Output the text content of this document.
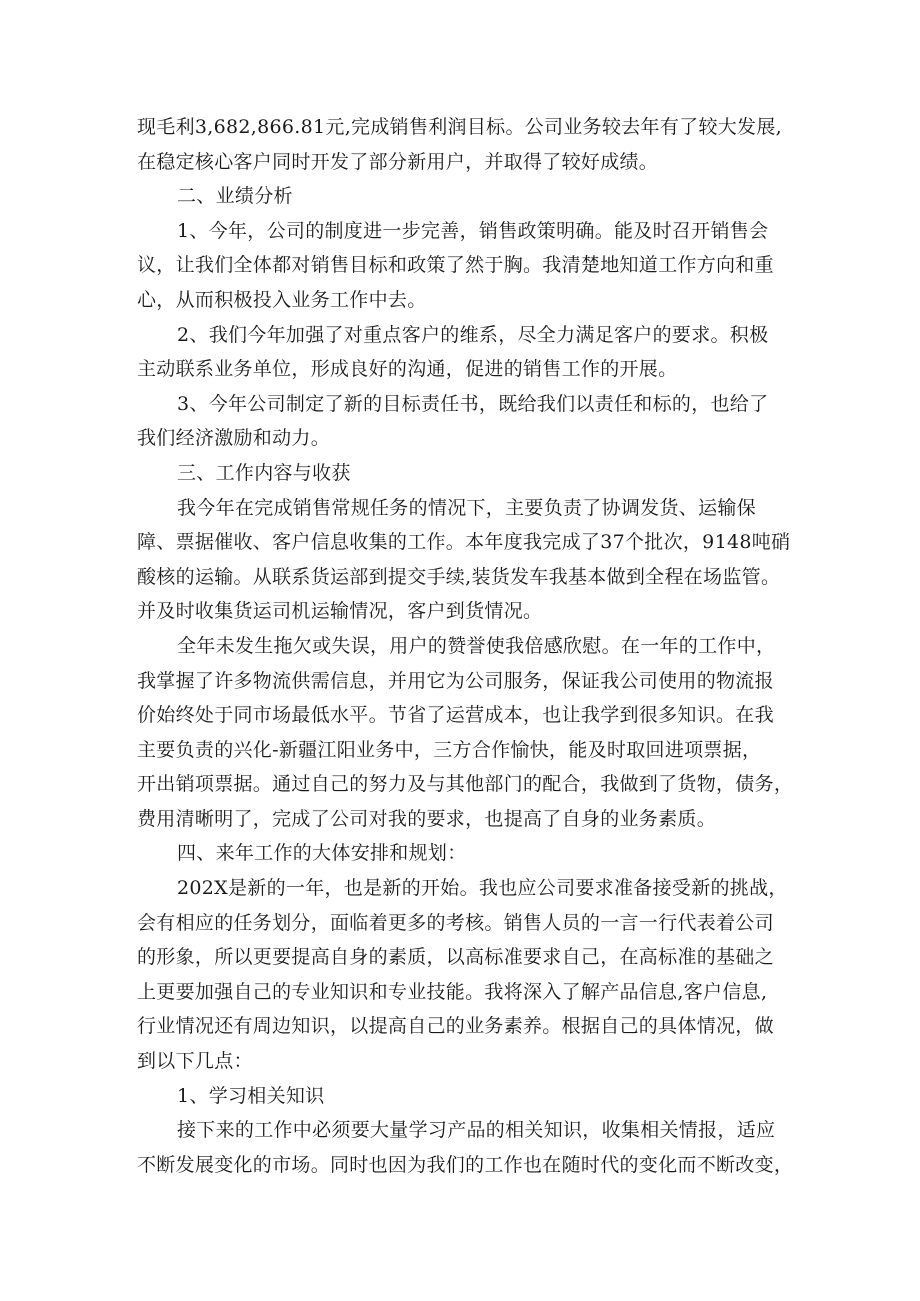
现毛利3,682,866.81元,完成销售利润目标。公司业务较去年有了较大发展,
在稳定核心客户同时开发了部分新用户，并取得了较好成绩。
二、业绩分析
1、今年，公司的制度进一步完善，销售政策明确。能及时召开销售会
议，让我们全体都对销售目标和政策了然于胸。我清楚地知道工作方向和重
心，从而积极投入业务工作中去。
2、我们今年加强了对重点客户的维系，尽全力满足客户的要求。积极
主动联系业务单位，形成良好的沟通，促进的销售工作的开展。
3、今年公司制定了新的目标责任书，既给我们以责任和标的，也给了
我们经济激励和动力。
三、工作内容与收获
我今年在完成销售常规任务的情况下，主要负责了协调发货、运输保
障、票据催收、客户信息收集的工作。本年度我完成了37个批次，9148吨硝
酸核的运输。从联系货运部到提交手续,装货发车我基本做到全程在场监管。
并及时收集货运司机运输情况，客户到货情况。
全年未发生拖欠或失误，用户的赞誉使我倍感欣慰。在一年的工作中，
我掌握了许多物流供需信息，并用它为公司服务，保证我公司使用的物流报
价始终处于同市场最低水平。节省了运营成本，也让我学到很多知识。在我
主要负责的兴化-新疆江阳业务中，三方合作愉快，能及时取回进项票据，
开出销项票据。通过自己的努力及与其他部门的配合，我做到了货物，债务，
费用清晰明了，完成了公司对我的要求，也提高了自身的业务素质。
四、来年工作的大体安排和规划：
202X是新的一年，也是新的开始。我也应公司要求准备接受新的挑战，
会有相应的任务划分，面临着更多的考核。销售人员的一言一行代表着公司
的形象，所以更要提高自身的素质，以高标准要求自己，在高标准的基础之
上更要加强自己的专业知识和专业技能。我将深入了解产品信息,客户信息,
行业情况还有周边知识，以提高自己的业务素养。根据自己的具体情况，做
到以下几点：
1、学习相关知识
接下来的工作中必须要大量学习产品的相关知识，收集相关情报，适应
不断发展变化的市场。同时也因为我们的工作也在随时代的变化而不断改变，
